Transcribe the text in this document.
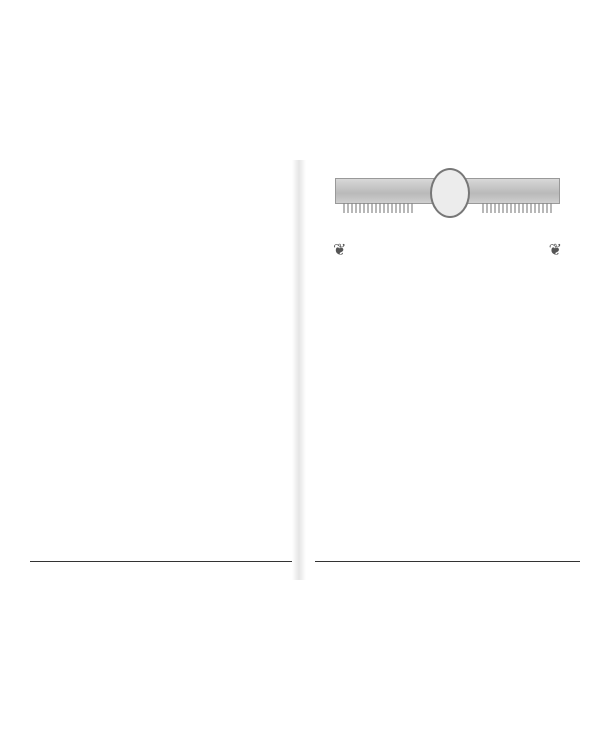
❦	❦
